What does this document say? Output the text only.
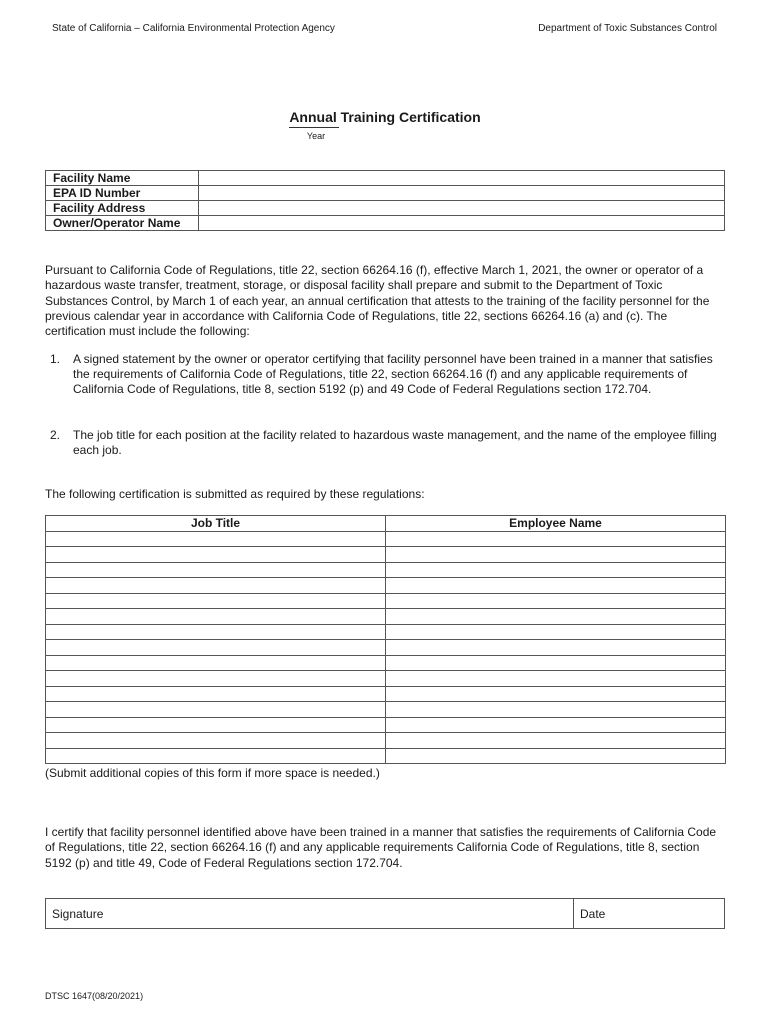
State of California – California Environmental Protection Agency	Department of Toxic Substances Control
Annual Training Certification
Year
Facility Name	
EPA ID Number	
Facility Address	
Owner/Operator Name	
Pursuant to California Code of Regulations, title 22, section 66264.16 (f), effective March 1, 2021, the owner or operator of a hazardous waste transfer, treatment, storage, or disposal facility shall prepare and submit to the Department of Toxic Substances Control, by March 1 of each year, an annual certification that attests to the training of the facility personnel for the previous calendar year in accordance with California Code of Regulations, title 22, sections 66264.16 (a) and (c). The certification must include the following:
1. A signed statement by the owner or operator certifying that facility personnel have been trained in a manner that satisfies the requirements of California Code of Regulations, title 22, section 66264.16 (f) and any applicable requirements of California Code of Regulations, title 8, section 5192 (p) and 49 Code of Federal Regulations section 172.704.
2. The job title for each position at the facility related to hazardous waste management, and the name of the employee filling each job.
The following certification is submitted as required by these regulations:
Job Title	Employee Name

(Submit additional copies of this form if more space is needed.)
I certify that facility personnel identified above have been trained in a manner that satisfies the requirements of California Code of Regulations, title 22, section 66264.16 (f) and any applicable requirements California Code of Regulations, title 8, section 5192 (p) and title 49, Code of Federal Regulations section 172.704.
Signature	Date
DTSC 1647(08/20/2021)
